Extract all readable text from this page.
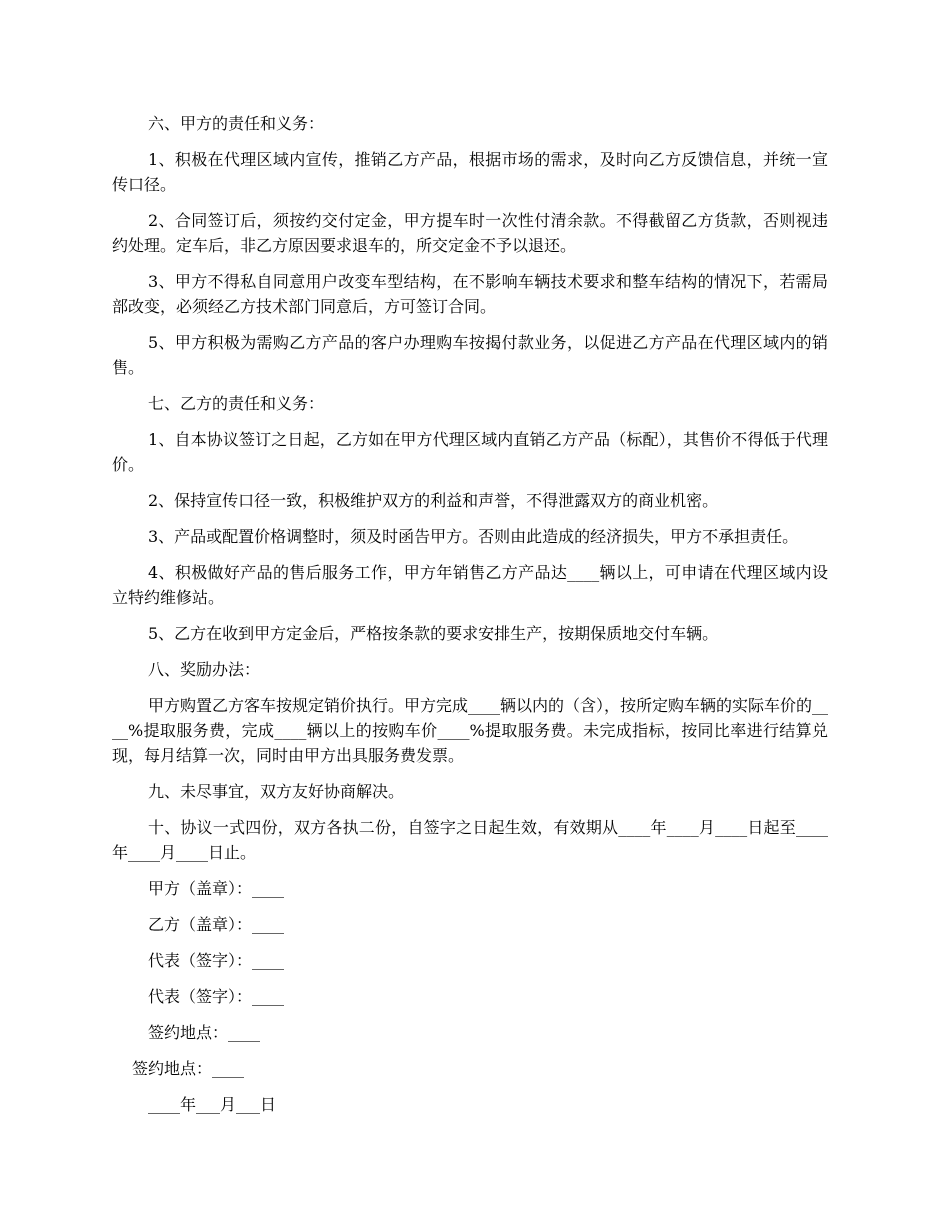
六、甲方的责任和义务：

1、积极在代理区域内宣传，推销乙方产品，根据市场的需求，及时向乙方反馈信息，并统一宣传口径。

2、合同签订后，须按约交付定金，甲方提车时一次性付清余款。不得截留乙方货款，否则视违约处理。定车后，非乙方原因要求退车的，所交定金不予以退还。

3、甲方不得私自同意用户改变车型结构，在不影响车辆技术要求和整车结构的情况下，若需局部改变，必须经乙方技术部门同意后，方可签订合同。

5、甲方积极为需购乙方产品的客户办理购车按揭付款业务，以促进乙方产品在代理区域内的销售。

七、乙方的责任和义务：

1、自本协议签订之日起，乙方如在甲方代理区域内直销乙方产品（标配），其售价不得低于代理价。

2、保持宣传口径一致，积极维护双方的利益和声誉，不得泄露双方的商业机密。

3、产品或配置价格调整时，须及时函告甲方。否则由此造成的经济损失，甲方不承担责任。

4、积极做好产品的售后服务工作，甲方年销售乙方产品达____辆以上，可申请在代理区域内设立特约维修站。

5、乙方在收到甲方定金后，严格按条款的要求安排生产，按期保质地交付车辆。

八、奖励办法：

甲方购置乙方客车按规定销价执行。甲方完成____辆以内的（含），按所定购车辆的实际车价的____%提取服务费，完成____辆以上的按购车价____%提取服务费。未完成指标，按同比率进行结算兑现，每月结算一次，同时由甲方出具服务费发票。

九、未尽事宜，双方友好协商解决。

十、协议一式四份，双方各执二份，自签字之日起生效，有效期从____年____月____日起至____年____月____日止。

甲方（盖章）：____

乙方（盖章）：____

代表（签字）：____

代表（签字）：____

签约地点：____

签约地点：____

____年___月___日
